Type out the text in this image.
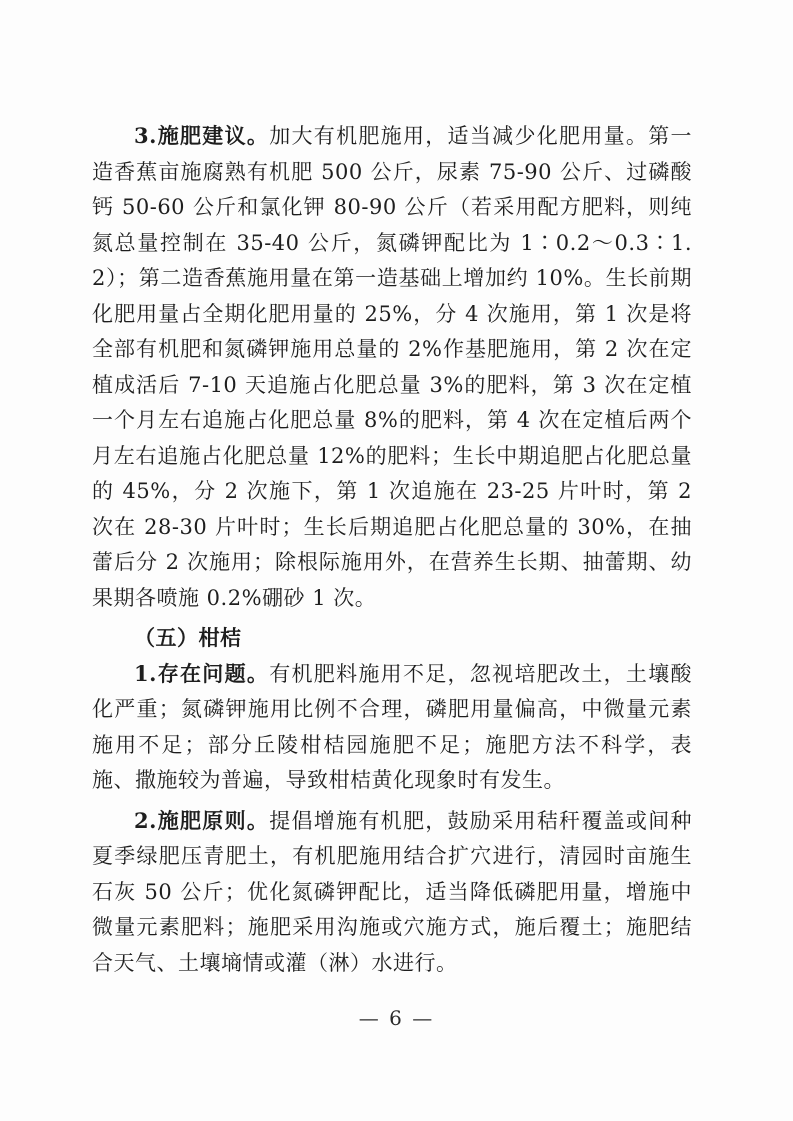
3.施肥建议。加大有机肥施用，适当减少化肥用量。第一造香蕉亩施腐熟有机肥 500 公斤，尿素 75-90 公斤、过磷酸钙 50-60 公斤和氯化钾 80-90 公斤（若采用配方肥料，则纯氮总量控制在 35-40 公斤，氮磷钾配比为 1∶0.2～0.3∶1.2）；第二造香蕉施用量在第一造基础上增加约 10%。生长前期化肥用量占全期化肥用量的 25%，分 4 次施用，第 1 次是将全部有机肥和氮磷钾施用总量的 2%作基肥施用，第 2 次在定植成活后 7-10 天追施占化肥总量 3%的肥料，第 3 次在定植一个月左右追施占化肥总量 8%的肥料，第 4 次在定植后两个月左右追施占化肥总量 12%的肥料；生长中期追肥占化肥总量的 45%，分 2 次施下，第 1 次追施在 23-25 片叶时，第 2 次在 28-30 片叶时；生长后期追肥占化肥总量的 30%，在抽蕾后分 2 次施用；除根际施用外，在营养生长期、抽蕾期、幼果期各喷施 0.2%硼砂 1 次。

（五）柑桔

1.存在问题。有机肥料施用不足，忽视培肥改土，土壤酸化严重；氮磷钾施用比例不合理，磷肥用量偏高，中微量元素施用不足；部分丘陵柑桔园施肥不足；施肥方法不科学，表施、撒施较为普遍，导致柑桔黄化现象时有发生。

2.施肥原则。提倡增施有机肥，鼓励采用秸秆覆盖或间种夏季绿肥压青肥土，有机肥施用结合扩穴进行，清园时亩施生石灰 50 公斤；优化氮磷钾配比，适当降低磷肥用量，增施中微量元素肥料；施肥采用沟施或穴施方式，施后覆土；施肥结合天气、土壤墒情或灌（淋）水进行。

— 6 —
